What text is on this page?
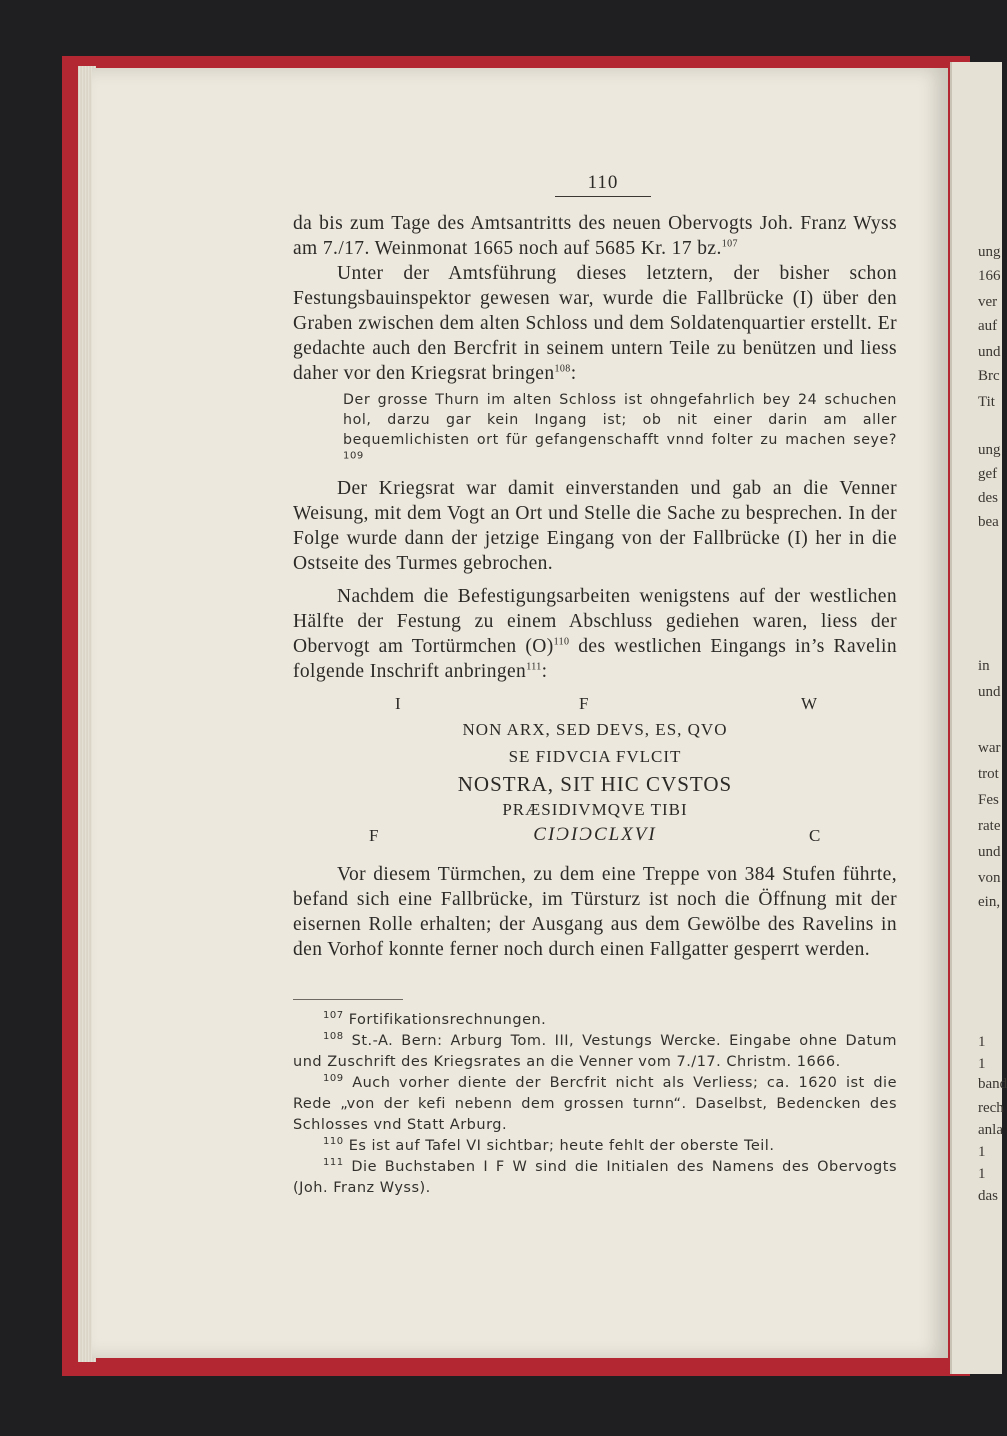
ung
166
ver
auf
und
Brc
Tit
ung
gef
des
bea
in
und
war
trot
Fes
rate
und
von
ein,
1
1
band
rech
anla
1
1
das
110

da bis zum Tage des Amtsantritts des neuen Obervogts Joh. Franz Wyss am 7./17. Weinmonat 1665 noch auf 5685 Kr. 17 bz.$^{107}$

Unter der Amtsführung dieses letztern, der bisher schon Festungsbauinspektor gewesen war, wurde die Fallbrücke (I) über den Graben zwischen dem alten Schloss und dem Soldatenquartier erstellt. Er gedachte auch den Bercfrit in seinem untern Teile zu benützen und liess daher vor den Kriegsrat bringen$^{108}$:

Der grosse Thurn im alten Schloss ist ohngefahrlich bey 24 schuchen hol, darzu gar kein Ingang ist; ob nit einer darin am aller bequemlichisten ort für gefangenschafft vnnd folter zu machen seye? $^{109}$

Der Kriegsrat war damit einverstanden und gab an die Venner Weisung, mit dem Vogt an Ort und Stelle die Sache zu besprechen. In der Folge wurde dann der jetzige Eingang von der Fallbrücke (I) her in die Ostseite des Turmes gebrochen.

Nachdem die Befestigungsarbeiten wenigstens auf der westlichen Hälfte der Festung zu einem Abschluss gediehen waren, liess der Obervogt am Tortürmchen $(O)^{110}$ des westlichen Eingangs in’s Ravelin folgende Inschrift anbringen$^{111}$:

I	F	W
NON ARX, SED DEVS, ES, QVO
SE FIDVCIA FVLCIT
NOSTRA, SIT HIC CVSTOS
PRÆSIDIVMQVE TIBI
F	CIƆIƆCLXVI	C

Vor diesem Türmchen, zu dem eine Treppe von 384 Stufen führte, befand sich eine Fallbrücke, im Türsturz ist noch die Öffnung mit der eisernen Rolle erhalten; der Ausgang aus dem Gewölbe des Ravelins in den Vorhof konnte ferner noch durch einen Fallgatter gesperrt werden.

$^{107}$ Fortifikationsrechnungen.

$^{108}$ St.-A. Bern: Arburg Tom. III, Vestungs Wercke. Eingabe ohne Datum und Zuschrift des Kriegsrates an die Venner vom 7./17. Christm. 1666.

$^{109}$ Auch vorher diente der Bercfrit nicht als Verliess; ca. 1620 ist die Rede „von der kefi nebenn dem grossen turnn“. Daselbst, Bedencken des Schlosses vnd Statt Arburg.

$^{110}$ Es ist auf Tafel VI sichtbar; heute fehlt der oberste Teil.

$^{111}$ Die Buchstaben I F W sind die Initialen des Namens des Obervogts (Joh. Franz Wyss).
